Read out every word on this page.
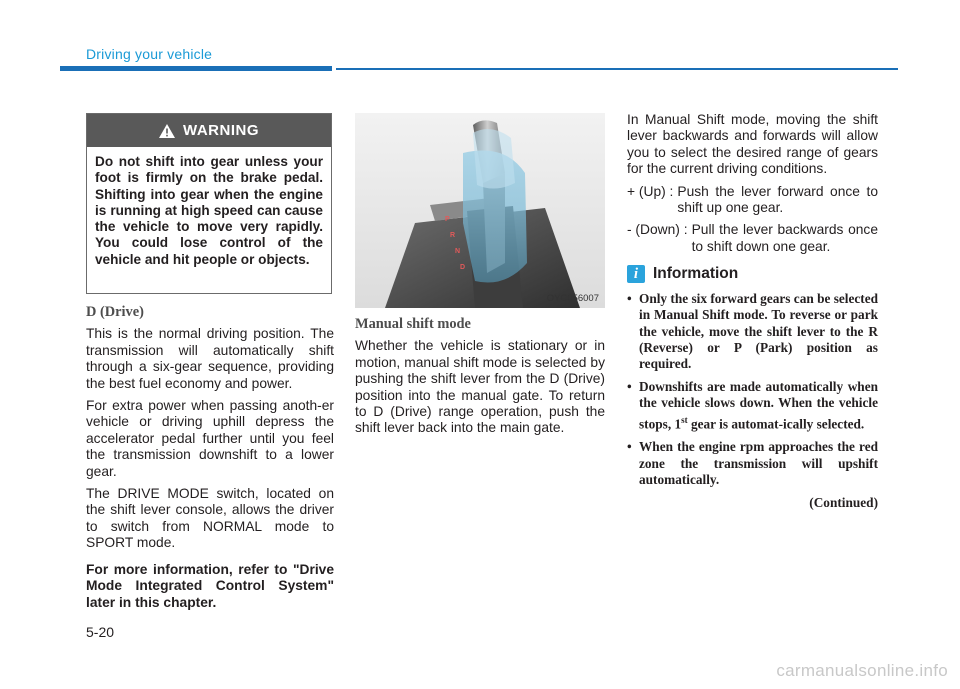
Driving your vehicle
WARNING
Do not shift into gear unless your foot is firmly on the brake pedal. Shifting into gear when the engine is running at high speed can cause the vehicle to move very rapidly. You could lose control of the vehicle and hit people or objects.

D (Drive)

This is the normal driving position. The transmission will automatically shift through a six-gear sequence, providing the best fuel economy and power.

For extra power when passing anoth-er vehicle or driving uphill depress the accelerator pedal further until you feel the transmission downshift to a lower gear.

The DRIVE MODE switch, located on the shift lever console, allows the driver to switch from NORMAL mode to SPORT mode.

For more information, refer to "Drive Mode Integrated Control System" later in this chapter.

P
R
N
D
OYC056007

Manual shift mode

Whether the vehicle is stationary or in motion, manual shift mode is selected by pushing the shift lever from the D (Drive) position into the manual gate. To return to D (Drive) range operation, push the shift lever back into the main gate.

In Manual Shift mode, moving the shift lever backwards and forwards will allow you to select the desired range of gears for the current driving conditions.

+ (Up) : Push the lever forward once to shift up one gear.
- (Down) : Pull the lever backwards once to shift down one gear.
i Information
• Only the six forward gears can be selected in Manual Shift mode. To reverse or park the vehicle, move the shift lever to the R (Reverse) or P (Park) position as required.
• Downshifts are made automatically when the vehicle slows down. When the vehicle stops, 1st gear is automat-ically selected.
• When the engine rpm approaches the red zone the transmission will upshift automatically.
(Continued)
5-20
carmanualsonline.info
